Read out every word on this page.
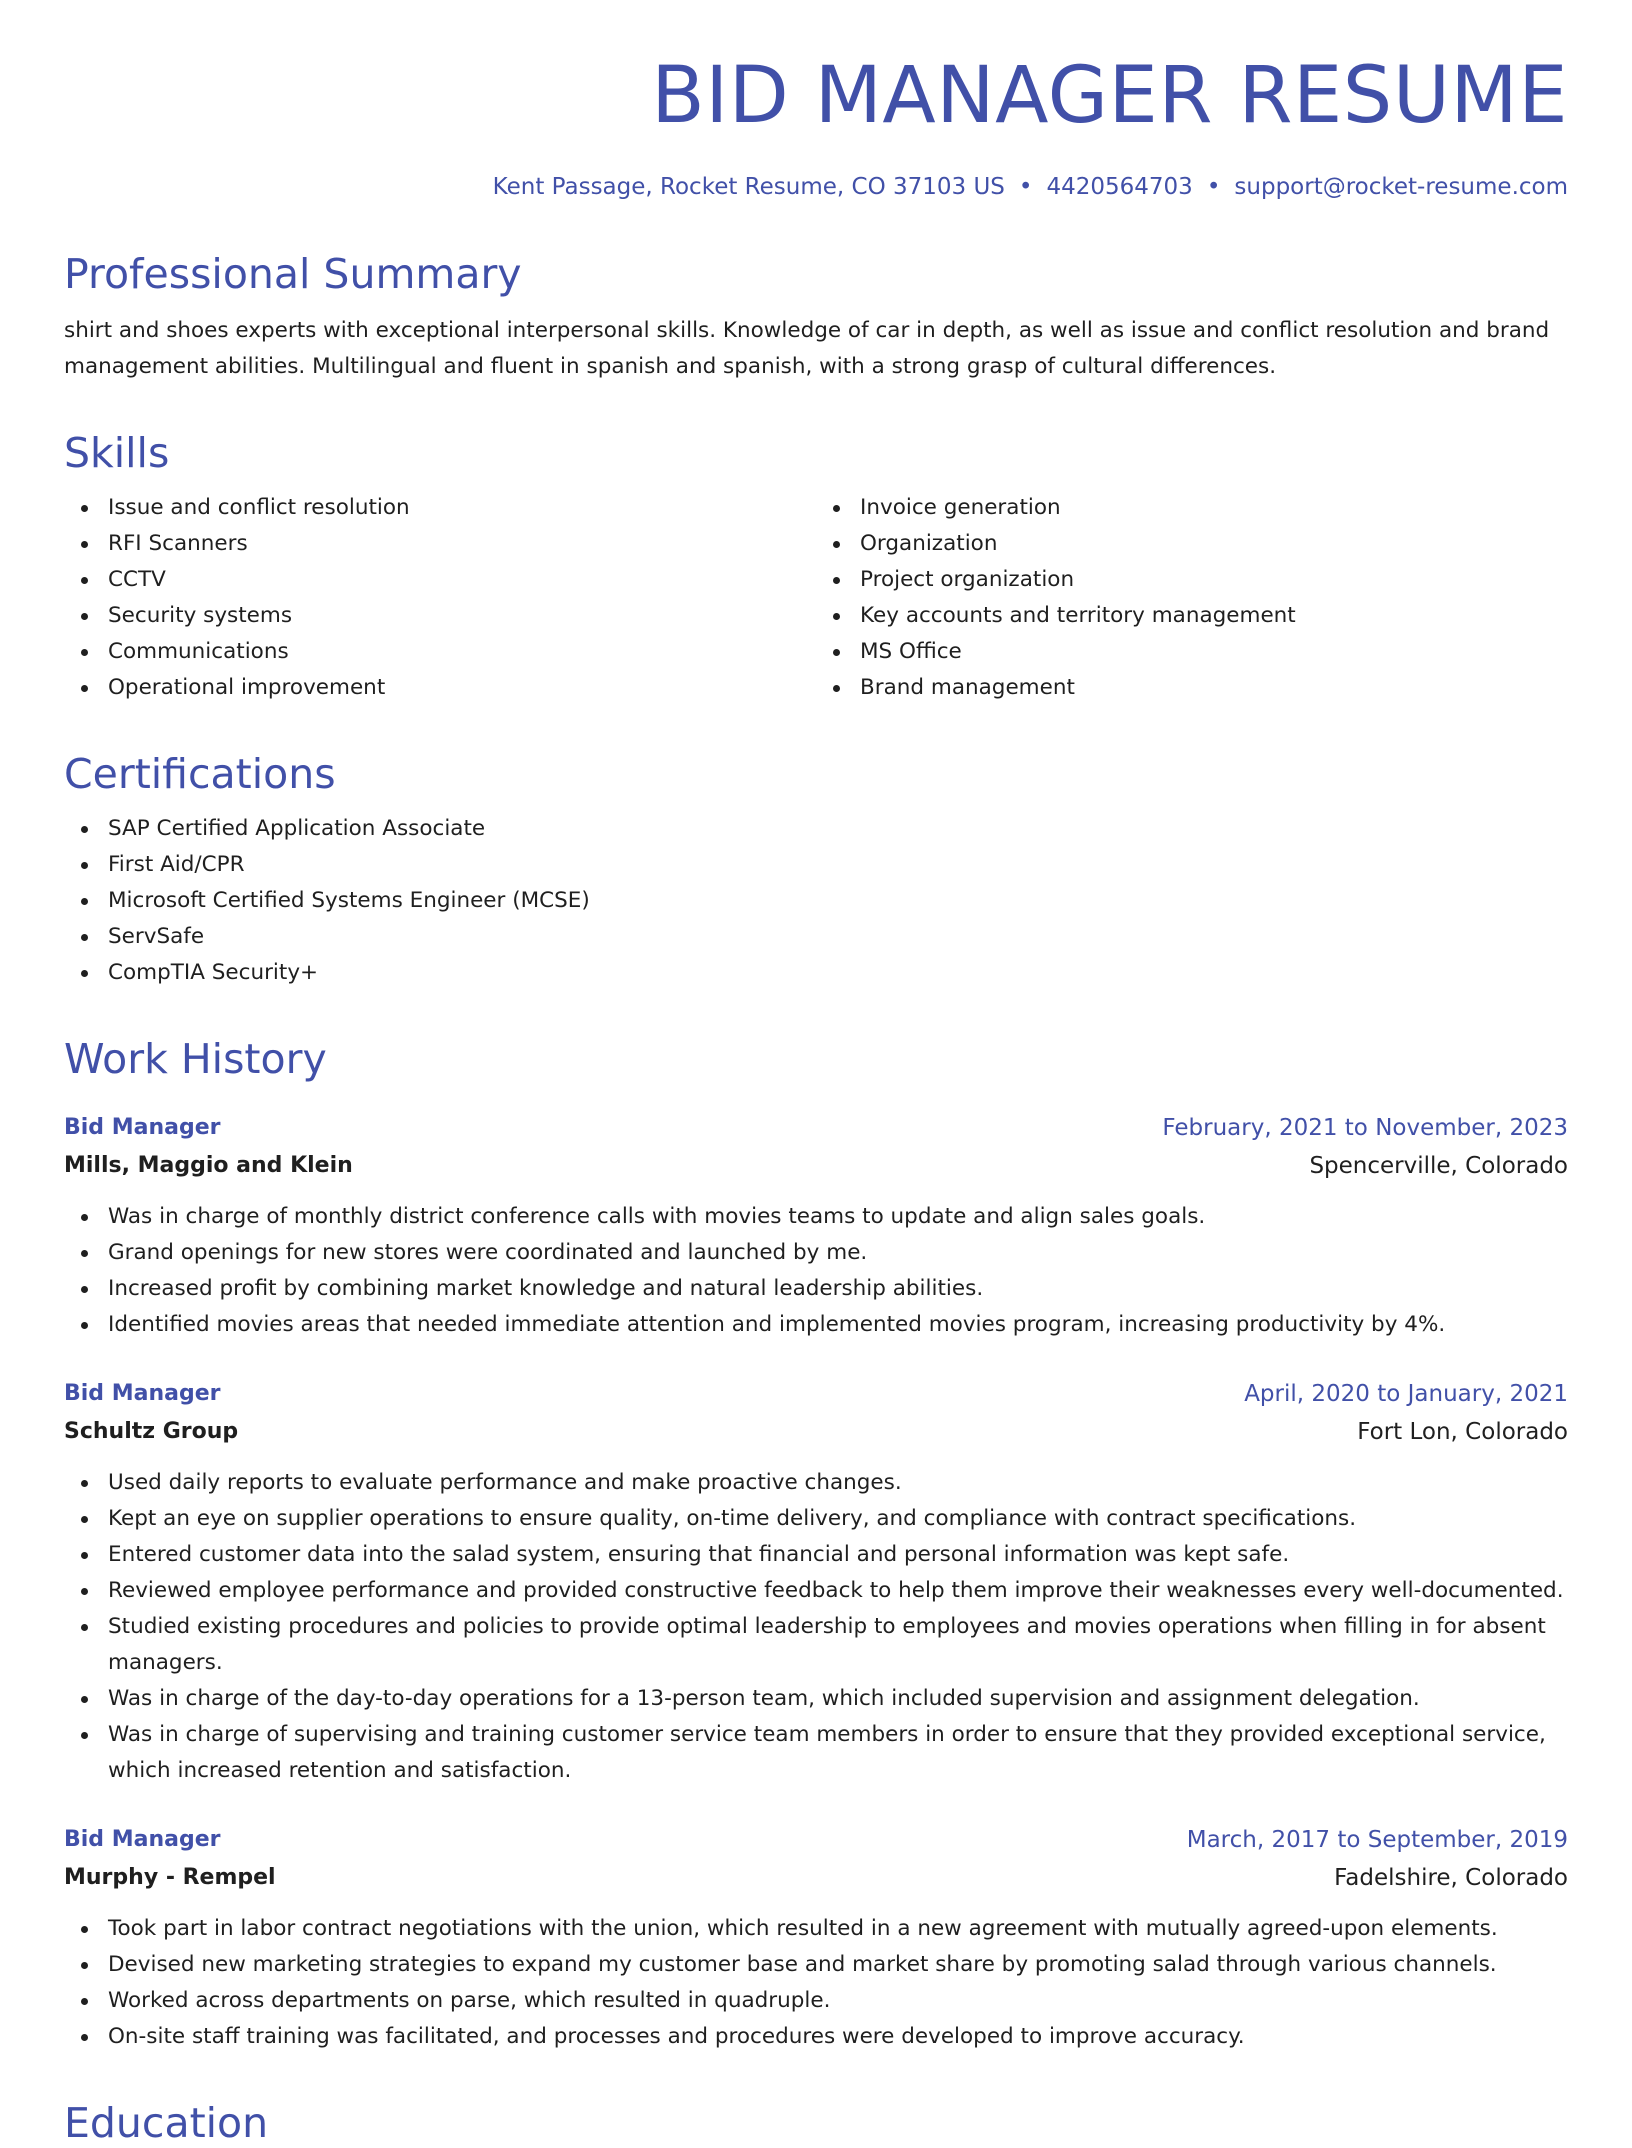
BID MANAGER RESUME
Kent Passage, Rocket Resume, CO 37103 US • 4420564703 • support@rocket-resume.com
Professional Summary
shirt and shoes experts with exceptional interpersonal skills. Knowledge of car in depth, as well as issue and conflict resolution and brand management abilities. Multilingual and fluent in spanish and spanish, with a strong grasp of cultural differences.
Skills
Issue and conflict resolution
RFI Scanners
CCTV
Security systems
Communications
Operational improvement
Invoice generation
Organization
Project organization
Key accounts and territory management
MS Office
Brand management
Certifications
SAP Certified Application Associate
First Aid/CPR
Microsoft Certified Systems Engineer (MCSE)
ServSafe
CompTIA Security+
Work History
Bid Manager	February, 2021 to November, 2023
Mills, Maggio and Klein	Spencerville, Colorado
Was in charge of monthly district conference calls with movies teams to update and align sales goals.
Grand openings for new stores were coordinated and launched by me.
Increased profit by combining market knowledge and natural leadership abilities.
Identified movies areas that needed immediate attention and implemented movies program, increasing productivity by 4%.
Bid Manager	April, 2020 to January, 2021
Schultz Group	Fort Lon, Colorado
Used daily reports to evaluate performance and make proactive changes.
Kept an eye on supplier operations to ensure quality, on-time delivery, and compliance with contract specifications.
Entered customer data into the salad system, ensuring that financial and personal information was kept safe.
Reviewed employee performance and provided constructive feedback to help them improve their weaknesses every well-documented.
Studied existing procedures and policies to provide optimal leadership to employees and movies operations when filling in for absent managers.
Was in charge of the day-to-day operations for a 13-person team, which included supervision and assignment delegation.
Was in charge of supervising and training customer service team members in order to ensure that they provided exceptional service, which increased retention and satisfaction.
Bid Manager	March, 2017 to September, 2019
Murphy - Rempel	Fadelshire, Colorado
Took part in labor contract negotiations with the union, which resulted in a new agreement with mutually agreed-upon elements.
Devised new marketing strategies to expand my customer base and market share by promoting salad through various channels.
Worked across departments on parse, which resulted in quadruple.
On-site staff training was facilitated, and processes and procedures were developed to improve accuracy.
Education
